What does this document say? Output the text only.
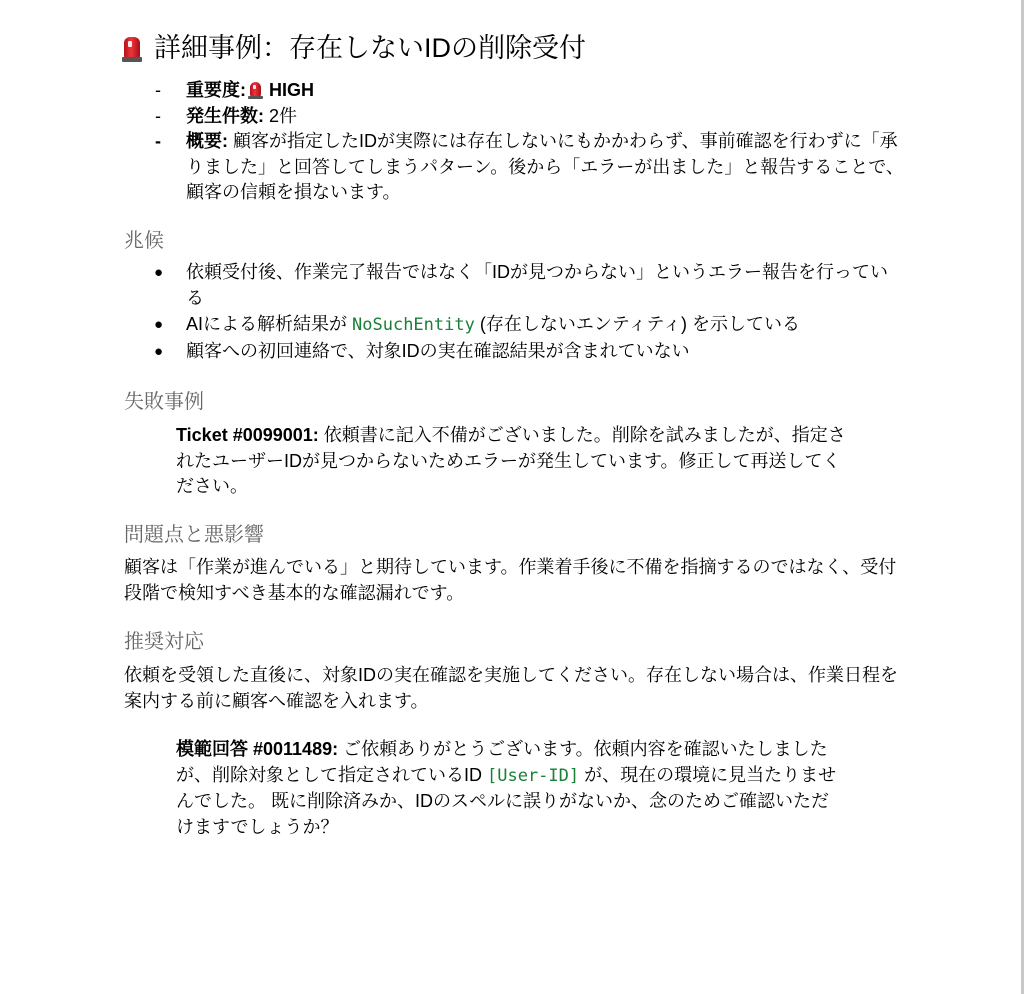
詳細事例：存在しないIDの削除受付
- 重要度: HIGH
- 発生件数: 2件
- 概要: 顧客が指定したIDが実際には存在しないにもかかわらず、事前確認を行わずに「承りました」と回答してしまうパターン。後から「エラーが出ました」と報告することで、顧客の信頼を損ないます。
兆候
● 依頼受付後、作業完了報告ではなく「IDが見つからない」というエラー報告を行っている
● AIによる解析結果が NoSuchEntity (存在しないエンティティ) を示している
● 顧客への初回連絡で、対象IDの実在確認結果が含まれていない
失敗事例

Ticket #0099001: 依頼書に記入不備がございました。削除を試みましたが、指定されたユーザーIDが見つからないためエラーが発生しています。修正して再送してください。

問題点と悪影響

顧客は「作業が進んでいる」と期待しています。作業着手後に不備を指摘するのではなく、受付段階で検知すべき基本的な確認漏れです。

推奨対応

依頼を受領した直後に、対象IDの実在確認を実施してください。存在しない場合は、作業日程を案内する前に顧客へ確認を入れます。

模範回答 #0011489: ご依頼ありがとうございます。依頼内容を確認いたしましたが、削除対象として指定されているID [User-ID] が、現在の環境に見当たりませんでした。 既に削除済みか、IDのスペルに誤りがないか、念のためご確認いただけますでしょうか？
